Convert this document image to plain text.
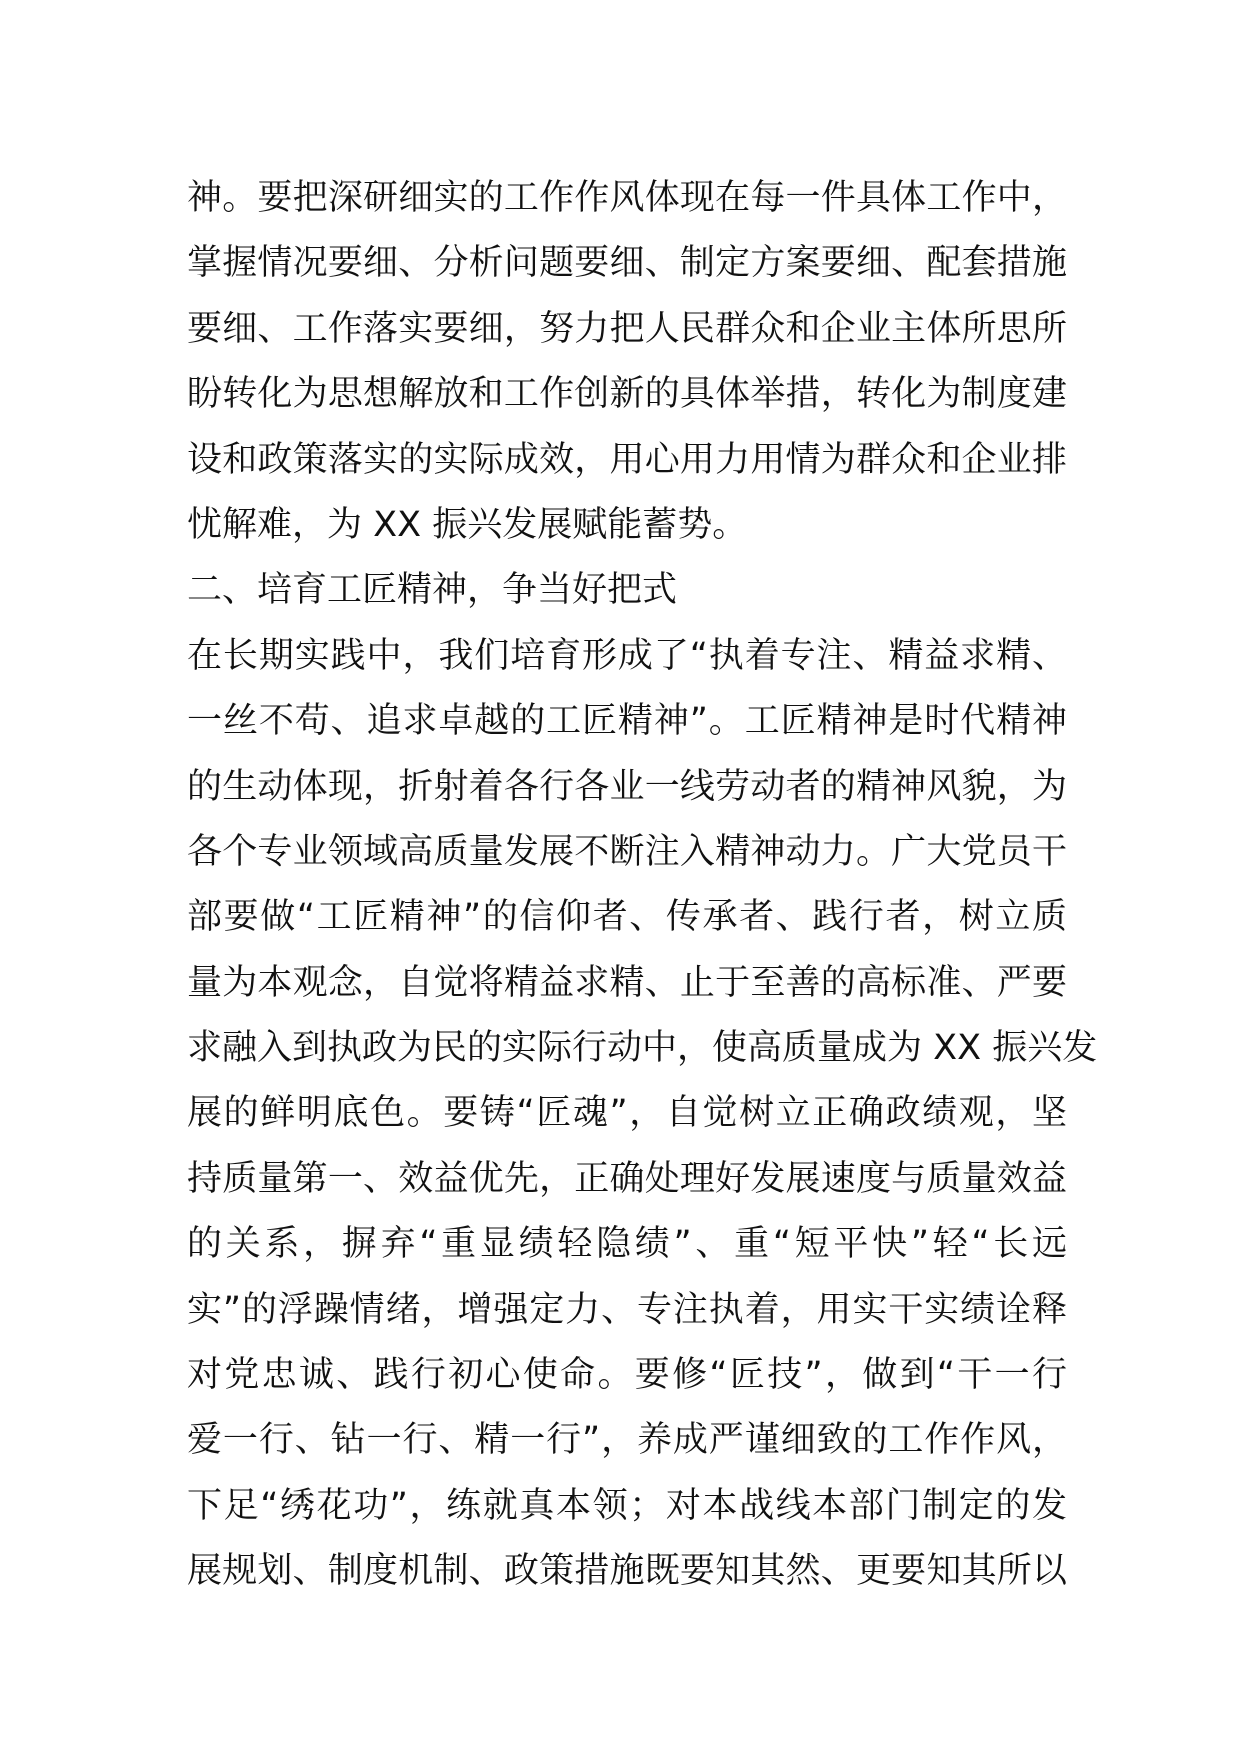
神。要把深研细实的工作作风体现在每一件具体工作中，
掌握情况要细、分析问题要细、制定方案要细、配套措施
要细、工作落实要细，努力把人民群众和企业主体所思所
盼转化为思想解放和工作创新的具体举措，转化为制度建
设和政策落实的实际成效，用心用力用情为群众和企业排
忧解难，为 XX 振兴发展赋能蓄势。
二、培育工匠精神，争当好把式
在长期实践中，我们培育形成了“执着专注、精益求精、
一丝不苟、追求卓越的工匠精神”。工匠精神是时代精神
的生动体现，折射着各行各业一线劳动者的精神风貌，为
各个专业领域高质量发展不断注入精神动力。广大党员干
部要做“工匠精神”的信仰者、传承者、践行者，树立质
量为本观念，自觉将精益求精、止于至善的高标准、严要
求融入到执政为民的实际行动中，使高质量成为 XX 振兴发
展的鲜明底色。要铸“匠魂”，自觉树立正确政绩观，坚
持质量第一、效益优先，正确处理好发展速度与质量效益
的关系，摒弃“重显绩轻隐绩”、重“短平快”轻“长远
实”的浮躁情绪，增强定力、专注执着，用实干实绩诠释
对党忠诚、践行初心使命。要修“匠技”，做到“干一行
爱一行、钻一行、精一行”，养成严谨细致的工作作风，
下足“绣花功”，练就真本领；对本战线本部门制定的发
展规划、制度机制、政策措施既要知其然、更要知其所以
